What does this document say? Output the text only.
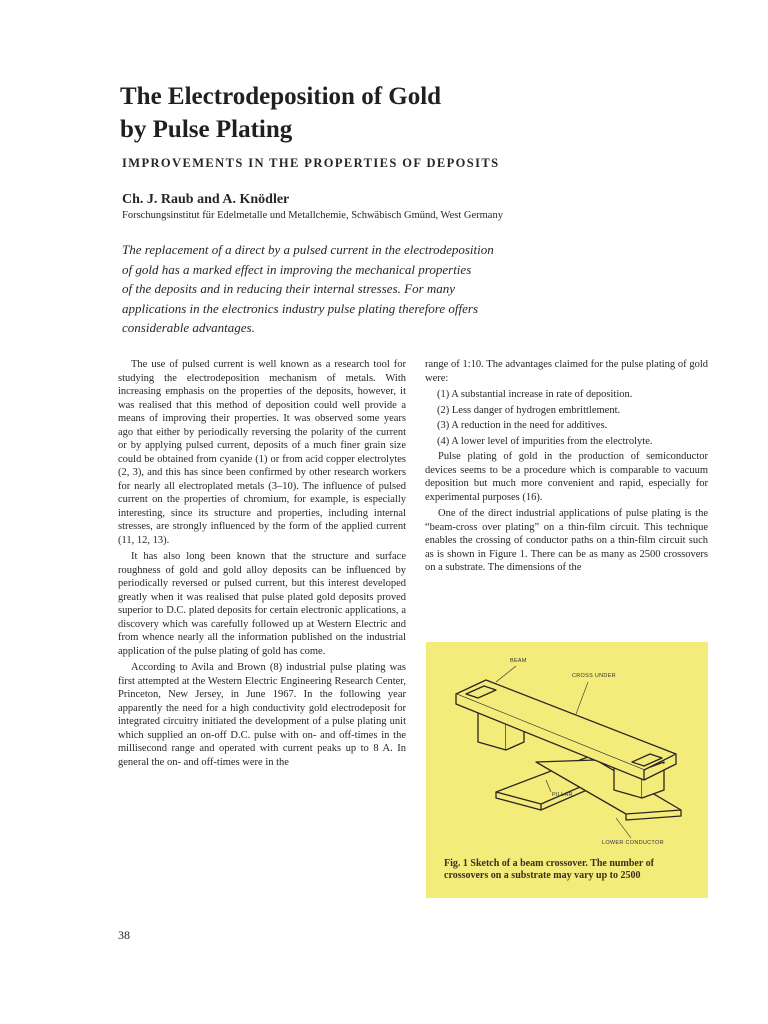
The Electrodeposition of Gold
by Pulse Plating
IMPROVEMENTS IN THE PROPERTIES OF DEPOSITS
Ch. J. Raub and A. Knödler
Forschungsinstitut für Edelmetalle und Metallchemie, Schwäbisch Gmünd, West Germany
The replacement of a direct by a pulsed current in the electrodeposition
of gold has a marked effect in improving the mechanical properties
of the deposits and in reducing their internal stresses. For many
applications in the electronics industry pulse plating therefore offers
considerable advantages.

The use of pulsed current is well known as a research tool for studying the electrodeposition mechanism of metals. With increasing emphasis on the properties of the deposits, however, it was realised that this method of deposition could well provide a means of improving their properties. It was observed some years ago that either by periodically reversing the polarity of the current or by applying pulsed current, deposits of a much finer grain size could be obtained from cyanide (1) or from acid copper electrolytes (2, 3), and this has since been confirmed by other research workers for nearly all electroplated metals (3–10). The influence of pulsed current on the properties of chromium, for example, is especially interesting, since its structure and properties, including internal stresses, are strongly influenced by the form of the applied current (11, 12, 13).

It has also long been known that the structure and surface roughness of gold and gold alloy deposits can be influenced by periodically reversed or pulsed current, but this interest developed greatly when it was realised that pulse plated gold deposits proved superior to D.C. plated deposits for certain electronic applications, a discovery which was carefully followed up at Western Electric and from whence nearly all the information published on the industrial application of the pulse plating of gold has come.

According to Avila and Brown (8) industrial pulse plating was first attempted at the Western Electric Engineering Research Center, Princeton, New Jersey, in June 1967. In the following year apparently the need for a high conductivity gold electrodeposit for integrated circuitry initiated the development of a pulse plating unit which supplied an on-off D.C. pulse with on- and off-times in the millisecond range and operated with current peaks up to 8 A. In general the on- and off-times were in the

range of 1:10. The advantages claimed for the pulse plating of gold were:

(1) A substantial increase in rate of deposition.
(2) Less danger of hydrogen embrittlement.
(3) A reduction in the need for additives.
(4) A lower level of impurities from the electrolyte.

Pulse plating of gold in the production of semiconductor devices seems to be a procedure which is comparable to vacuum deposition but much more convenient and rapid, especially for experimental purposes (16).

One of the direct industrial applications of pulse plating is the “beam-cross over plating” on a thin-film circuit. This technique enables the crossing of conductor paths on a thin-film circuit such as is shown in Figure 1. There can be as many as 2500 crossovers on a substrate. The dimensions of the

BEAM
CROSS UNDER
PILLAR
LOWER CONDUCTOR
Fig. 1 Sketch of a beam crossover. The number of crossovers on a substrate may vary up to 2500
38
